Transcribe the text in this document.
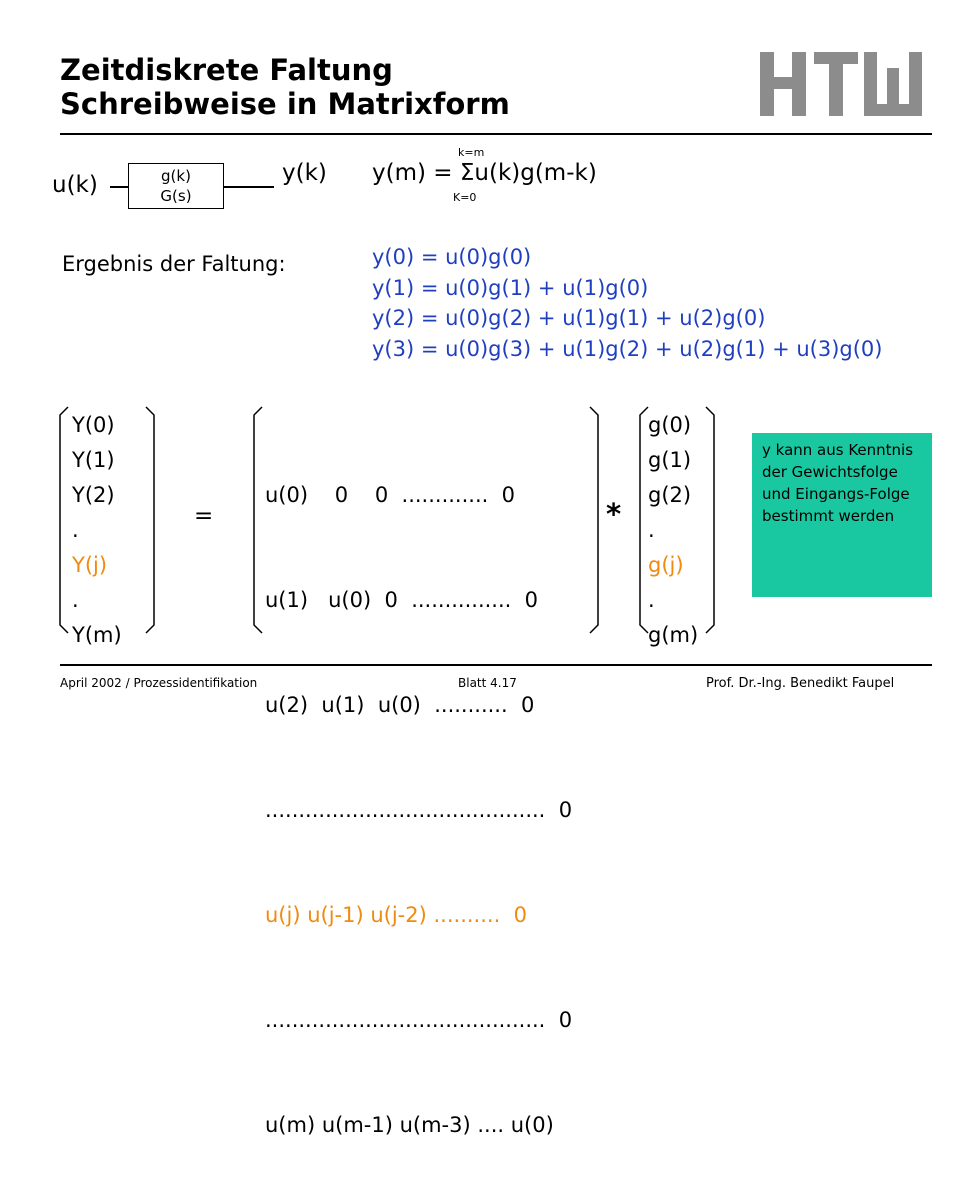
Zeitdiskrete Faltung
Schreibweise in Matrixform
u(k)	g(k)
G(s)
y(k)
k=m
y(m) = Σu(k)g(m-k)
K=0
Ergebnis der Faltung:	y(0) = u(0)g(0)
y(1) = u(0)g(1) + u(1)g(0)
y(2) = u(0)g(2) + u(1)g(1) + u(2)g(0)
y(3) = u(0)g(3) + u(1)g(2) + u(2)g(1) + u(3)g(0)
Y(0)
Y(1)
Y(2)
.
Y(j)
.
Y(m)
=

u(0)    0    0  .............  0

u(1)   u(0)  0  ...............  0

u(2)  u(1)  u(0)  ...........  0

..........................................  0

u(j) u(j-1) u(j-2) ..........  0

..........................................  0

u(m) u(m-1) u(m-3) .... u(0)

*
g(0)
g(1)
g(2)
.
g(j)
.
g(m)
y kann aus Kenntnis der Gewichtsfolge und Eingangs-Folge bestimmt werden
April 2002 / Prozessidentifikation	Blatt 4.17	Prof. Dr.-Ing. Benedikt Faupel
